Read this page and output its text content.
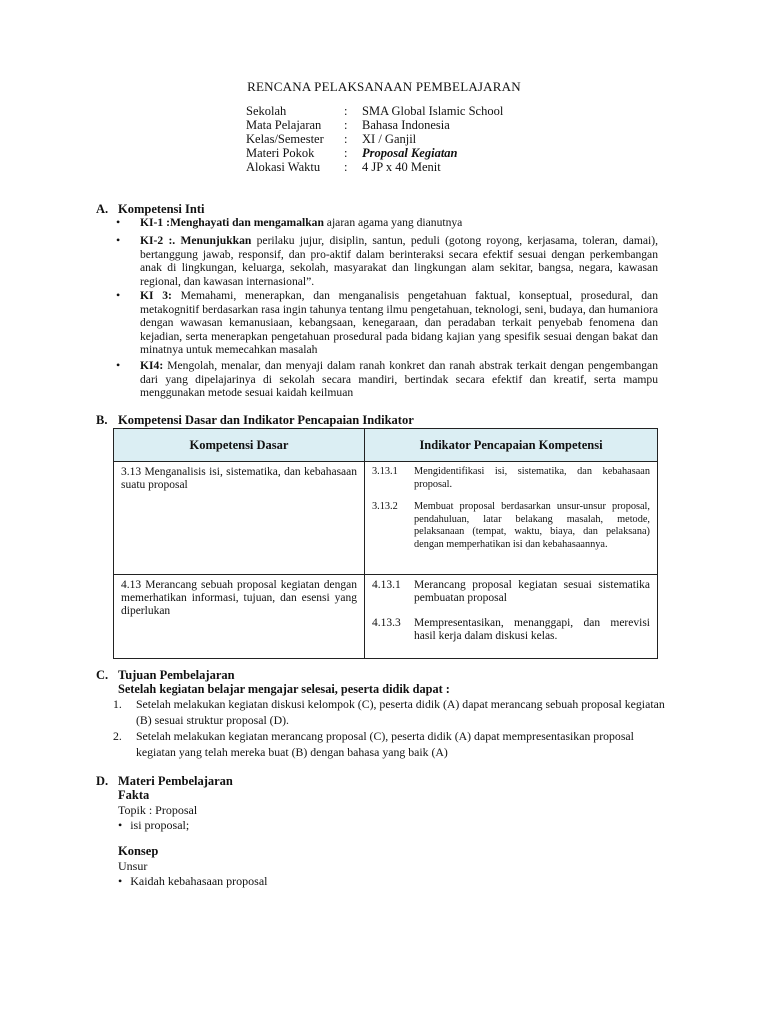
RENCANA PELAKSANAAN PEMBELAJARAN
Sekolah	:	SMA Global Islamic School
Mata Pelajaran	:	Bahasa Indonesia
Kelas/Semester	:	XI / Ganjil
Materi Pokok	:	Proposal Kegiatan
Alokasi Waktu	:	4 JP x 40 Menit
A. Kompetensi Inti
• KI-1 :Menghayati dan mengamalkan ajaran agama yang dianutnya
• KI-2 :. Menunjukkan perilaku jujur, disiplin, santun, peduli (gotong royong, kerjasama, toleran, damai), bertanggung jawab, responsif, dan pro-aktif dalam berinteraksi secara efektif sesuai dengan perkembangan anak di lingkungan, keluarga, sekolah, masyarakat dan lingkungan alam sekitar, bangsa, negara, kawasan regional, dan kawasan internasional”.
• KI 3: Memahami, menerapkan, dan menganalisis pengetahuan faktual, konseptual, prosedural, dan metakognitif berdasarkan rasa ingin tahunya tentang ilmu pengetahuan, teknologi, seni, budaya, dan humaniora dengan wawasan kemanusiaan, kebangsaan, kenegaraan, dan peradaban terkait penyebab fenomena dan kejadian, serta menerapkan pengetahuan prosedural pada bidang kajian yang spesifik sesuai dengan bakat dan minatnya untuk memecahkan masalah
• KI4: Mengolah, menalar, dan menyaji dalam ranah konkret dan ranah abstrak terkait dengan pengembangan dari yang dipelajarinya di sekolah secara mandiri, bertindak secara efektif dan kreatif, serta mampu menggunakan metode sesuai kaidah keilmuan
B. Kompetensi Dasar dan Indikator Pencapaian Indikator
Kompetensi Dasar	Indikator Pencapaian Kompetensi

3.13 Menganalisis isi, sistematika, dan kebahasaan suatu proposal	3.13.1 Mengidentifikasi isi, sistematika, dan kebahasaan proposal.
3.13.2 Membuat proposal berdasarkan unsur-unsur proposal, pendahuluan, latar belakang masalah, metode, pelaksanaan (tempat, waktu, biaya, dan pelaksana) dengan memperhatikan isi dan kebahasaannya.

4.13 Merancang sebuah proposal kegiatan dengan memerhatikan informasi, tujuan, dan esensi yang diperlukan	4.13.1 Merancang proposal kegiatan sesuai sistematika pembuatan proposal
4.13.3 Mempresentasikan, menanggapi, dan merevisi hasil kerja dalam diskusi kelas.
C. Tujuan Pembelajaran
Setelah kegiatan belajar mengajar selesai, peserta didik dapat :
1. Setelah melakukan kegiatan diskusi kelompok (C), peserta didik (A) dapat merancang sebuah proposal kegiatan (B) sesuai struktur proposal (D).
2. Setelah melakukan kegiatan merancang proposal (C), peserta didik (A) dapat mempresentasikan proposal kegiatan yang telah mereka buat (B) dengan bahasa yang baik (A)
D. Materi Pembelajaran
Fakta
Topik : Proposal
• isi proposal;
Konsep
Unsur
• Kaidah kebahasaan proposal
